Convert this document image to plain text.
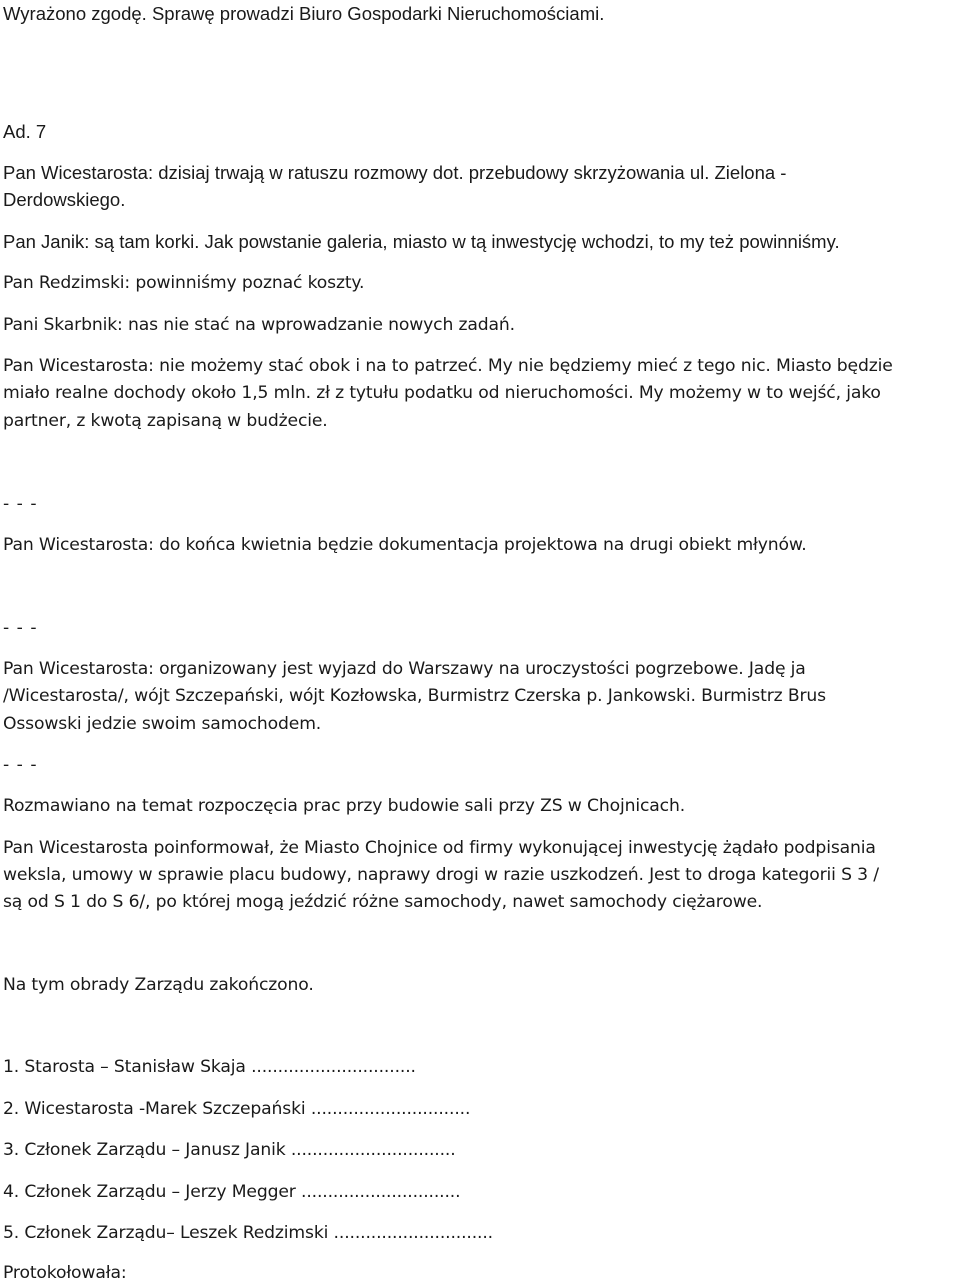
Wyrażono zgodę. Sprawę prowadzi Biuro Gospodarki Nieruchomościami.

Ad. 7

Pan Wicestarosta: dzisiaj trwają w ratuszu rozmowy dot. przebudowy skrzyżowania ul. Zielona -

Derdowskiego.

Pan Janik: są tam korki. Jak powstanie galeria, miasto w tą inwestycję wchodzi, to my też powinniśmy.

Pan Redzimski: powinniśmy poznać koszty.

Pani Skarbnik: nas nie stać na wprowadzanie nowych zadań.

Pan Wicestarosta: nie możemy stać obok i na to patrzeć. My nie będziemy mieć z tego nic. Miasto będzie

miało realne dochody około 1,5 mln. zł z tytułu podatku od nieruchomości. My możemy w to wejść, jako

partner, z kwotą zapisaną w budżecie.

- - -

Pan Wicestarosta: do końca kwietnia będzie dokumentacja projektowa na drugi obiekt młynów.

- - -

Pan Wicestarosta: organizowany jest wyjazd do Warszawy na uroczystości pogrzebowe. Jadę ja

/Wicestarosta/, wójt Szczepański, wójt Kozłowska, Burmistrz Czerska p. Jankowski. Burmistrz Brus

Ossowski jedzie swoim samochodem.

- - -

Rozmawiano na temat rozpoczęcia prac przy budowie sali przy ZS w Chojnicach.

Pan Wicestarosta poinformował, że Miasto Chojnice od firmy wykonującej inwestycję żądało podpisania

weksla, umowy w sprawie placu budowy, naprawy drogi w razie uszkodzeń. Jest to droga kategorii S 3 /

są od S 1 do S 6/, po której mogą jeździć różne samochody, nawet samochody ciężarowe.

Na tym obrady Zarządu zakończono.

1. Starosta – Stanisław Skaja ...............................

2. Wicestarosta -Marek Szczepański ..............................

3. Członek Zarządu – Janusz Janik ...............................

4. Członek Zarządu – Jerzy Megger ..............................

5. Członek Zarządu– Leszek Redzimski ..............................

Protokołowała:
